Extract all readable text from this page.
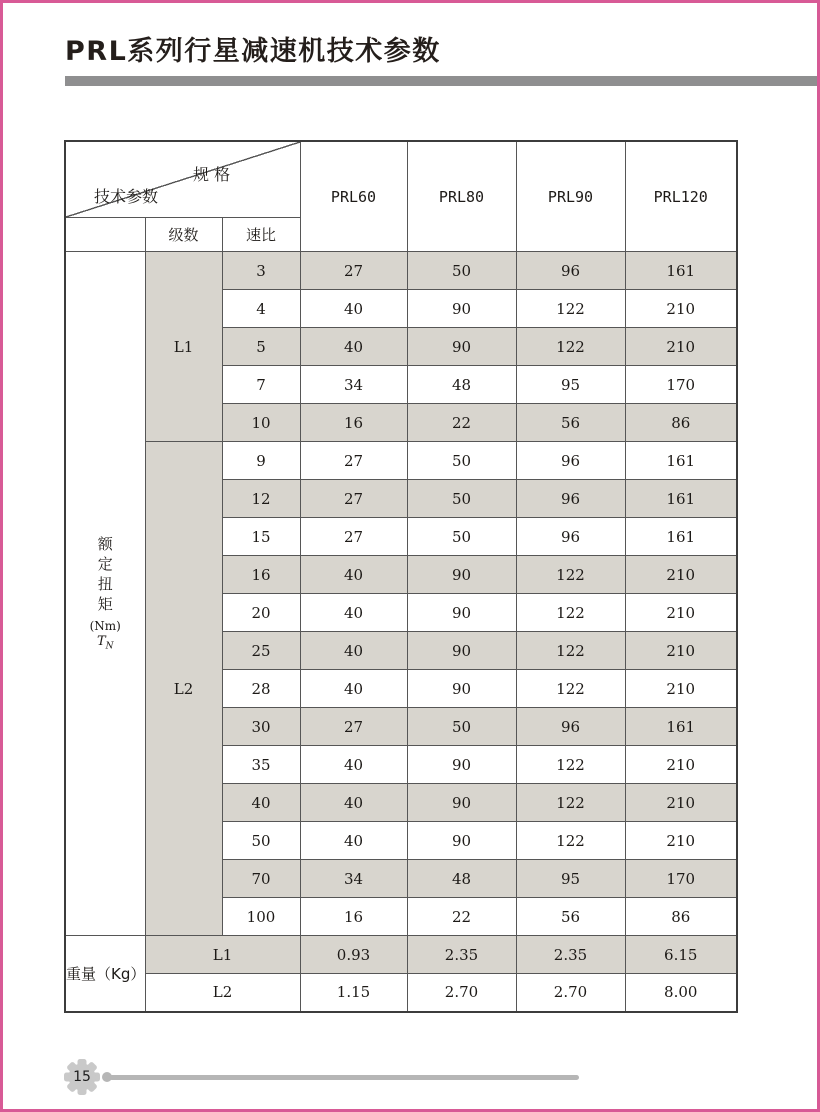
PRL系列行星减速机技术参数
规 格
技术参数			PRL60	PRL80	PRL90	PRL120
	级数	速比				

额
定
扭
矩
(Nm)
$T_N$
	L1	3	27	50	96	161
		4	40	90	122	210
		5	40	90	122	210
		7	34	48	95	170
		10	16	22	56	86
	L2	9	27	50	96	161
		12	27	50	96	161
		15	27	50	96	161
		16	40	90	122	210
		20	40	90	122	210
		25	40	90	122	210
		28	40	90	122	210
		30	27	50	96	161
		35	40	90	122	210
		40	40	90	122	210
		50	40	90	122	210
		70	34	48	95	170
		100	16	22	56	86
重量（Kg）	L1		0.93	2.35	2.35	6.15
	L2		1.15	2.70	2.70	8.00
15
